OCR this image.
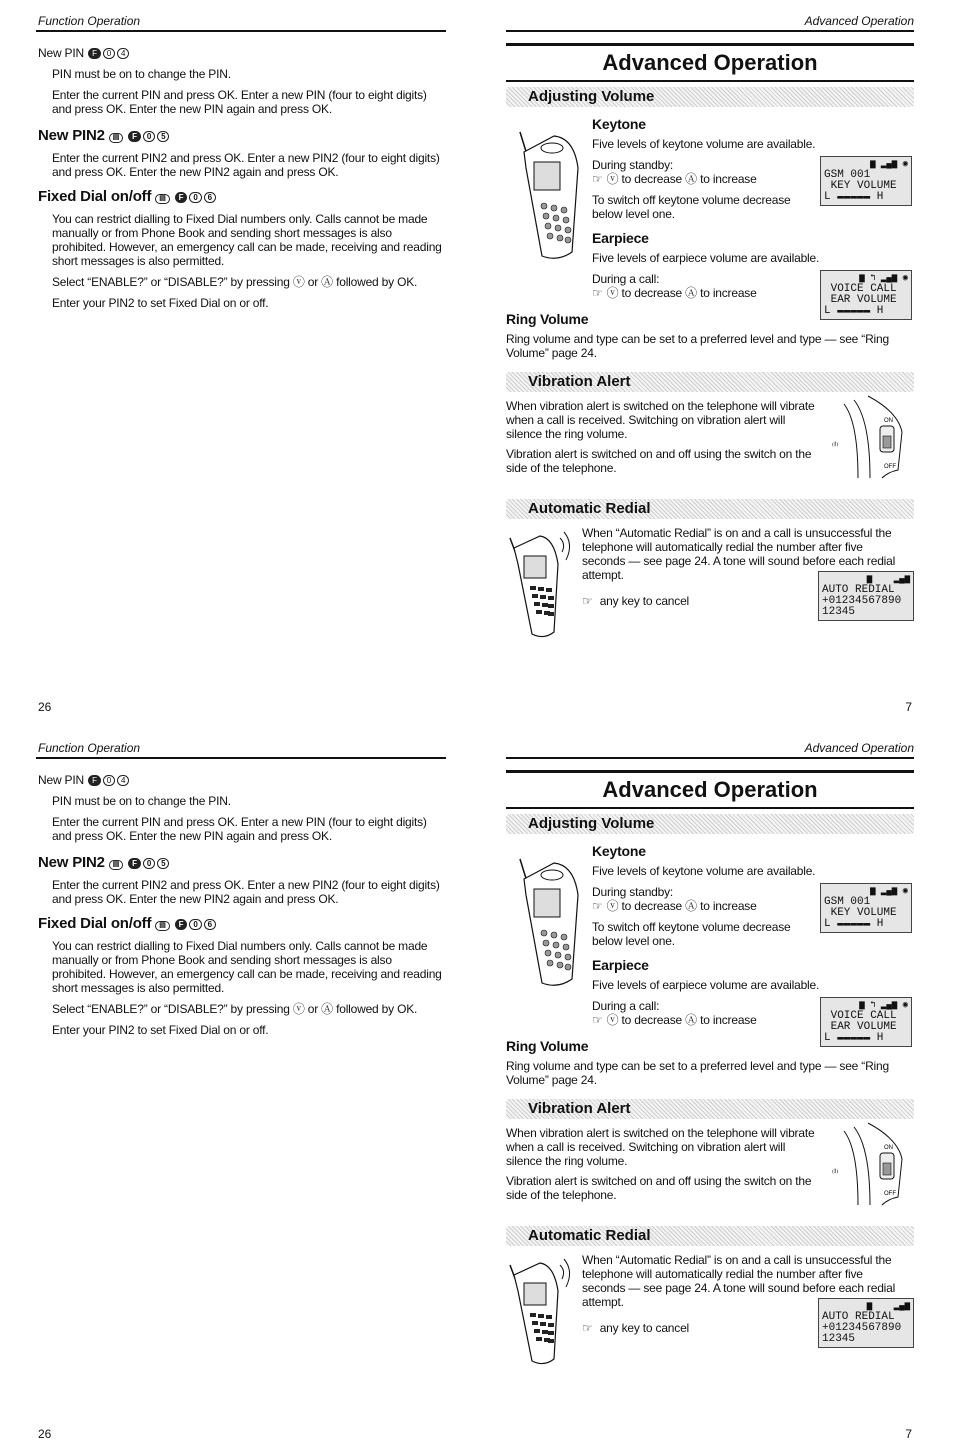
Function Operation

New PIN F 0 4

PIN must be on to change the PIN.

Enter the current PIN and press OK. Enter a new PIN (four to eight digits) and press OK. Enter the new PIN again and press OK.

New PIN2 ▤ F 0 5

Enter the current PIN2 and press OK. Enter a new PIN2 (four to eight digits) and press OK. Enter the new PIN2 again and press OK.

Fixed Dial on/off ▤ F 0 6

You can restrict dialling to Fixed Dial numbers only. Calls cannot be made manually or from Phone Book and sending short messages is also prohibited. However, an emergency call can be made, receiving and reading short messages is also permitted.

Select “ENABLE?” or “DISABLE?” by pressing ⓥ or Ⓐ followed by OK.

Enter your PIN2 to set Fixed Dial on or off.

26
Advanced Operation
Advanced Operation
Adjusting Volume
Keytone

Five levels of keytone volume are available.

During standby:

☞ ⓥ to decrease Ⓐ to increase

To switch off keytone volume decrease below level one.

▆ ▂▄▆ ◉
GSM 001
KEY VOLUME
L ▬▬▬▬▬ H
Earpiece

Five levels of earpiece volume are available.

During a call:

☞ ⓥ to decrease Ⓐ to increase

▆ ↰ ▂▄▆ ◉
VOICE CALL
EAR VOLUME
L ▬▬▬▬▬ H
Ring Volume

Ring volume and type can be set to a preferred level and type — see “Ring Volume” page 24.

Vibration Alert

When vibration alert is switched on the telephone will vibrate when a call is received. Switching on vibration alert will silence the ring volume.

Vibration alert is switched on and off using the switch on the side of the telephone.

ON
OFF
₍ı₎
Automatic Redial

When “Automatic Redial” is on and a call is unsuccessful the telephone will automatically redial the number after five seconds — see page 24. A tone will sound before each redial attempt.

☞ any key to cancel

▆    ▂▄▆
AUTO REDIAL
+01234567890
12345
7
Function Operation

New PIN F 0 4

PIN must be on to change the PIN.

Enter the current PIN and press OK. Enter a new PIN (four to eight digits) and press OK. Enter the new PIN again and press OK.

New PIN2 ▤ F 0 5

Enter the current PIN2 and press OK. Enter a new PIN2 (four to eight digits) and press OK. Enter the new PIN2 again and press OK.

Fixed Dial on/off ▤ F 0 6

You can restrict dialling to Fixed Dial numbers only. Calls cannot be made manually or from Phone Book and sending short messages is also prohibited. However, an emergency call can be made, receiving and reading short messages is also permitted.

Select “ENABLE?” or “DISABLE?” by pressing ⓥ or Ⓐ followed by OK.

Enter your PIN2 to set Fixed Dial on or off.

26
Advanced Operation
Advanced Operation
Adjusting Volume
Keytone

Five levels of keytone volume are available.

During standby:

☞ ⓥ to decrease Ⓐ to increase

To switch off keytone volume decrease below level one.

▆ ▂▄▆ ◉
GSM 001
KEY VOLUME
L ▬▬▬▬▬ H
Earpiece

Five levels of earpiece volume are available.

During a call:

☞ ⓥ to decrease Ⓐ to increase

▆ ↰ ▂▄▆ ◉
VOICE CALL
EAR VOLUME
L ▬▬▬▬▬ H
Ring Volume

Ring volume and type can be set to a preferred level and type — see “Ring Volume” page 24.

Vibration Alert

When vibration alert is switched on the telephone will vibrate when a call is received. Switching on vibration alert will silence the ring volume.

Vibration alert is switched on and off using the switch on the side of the telephone.

ON
OFF
₍ı₎
Automatic Redial

When “Automatic Redial” is on and a call is unsuccessful the telephone will automatically redial the number after five seconds — see page 24. A tone will sound before each redial attempt.

☞ any key to cancel

▆    ▂▄▆
AUTO REDIAL
+01234567890
12345
7
